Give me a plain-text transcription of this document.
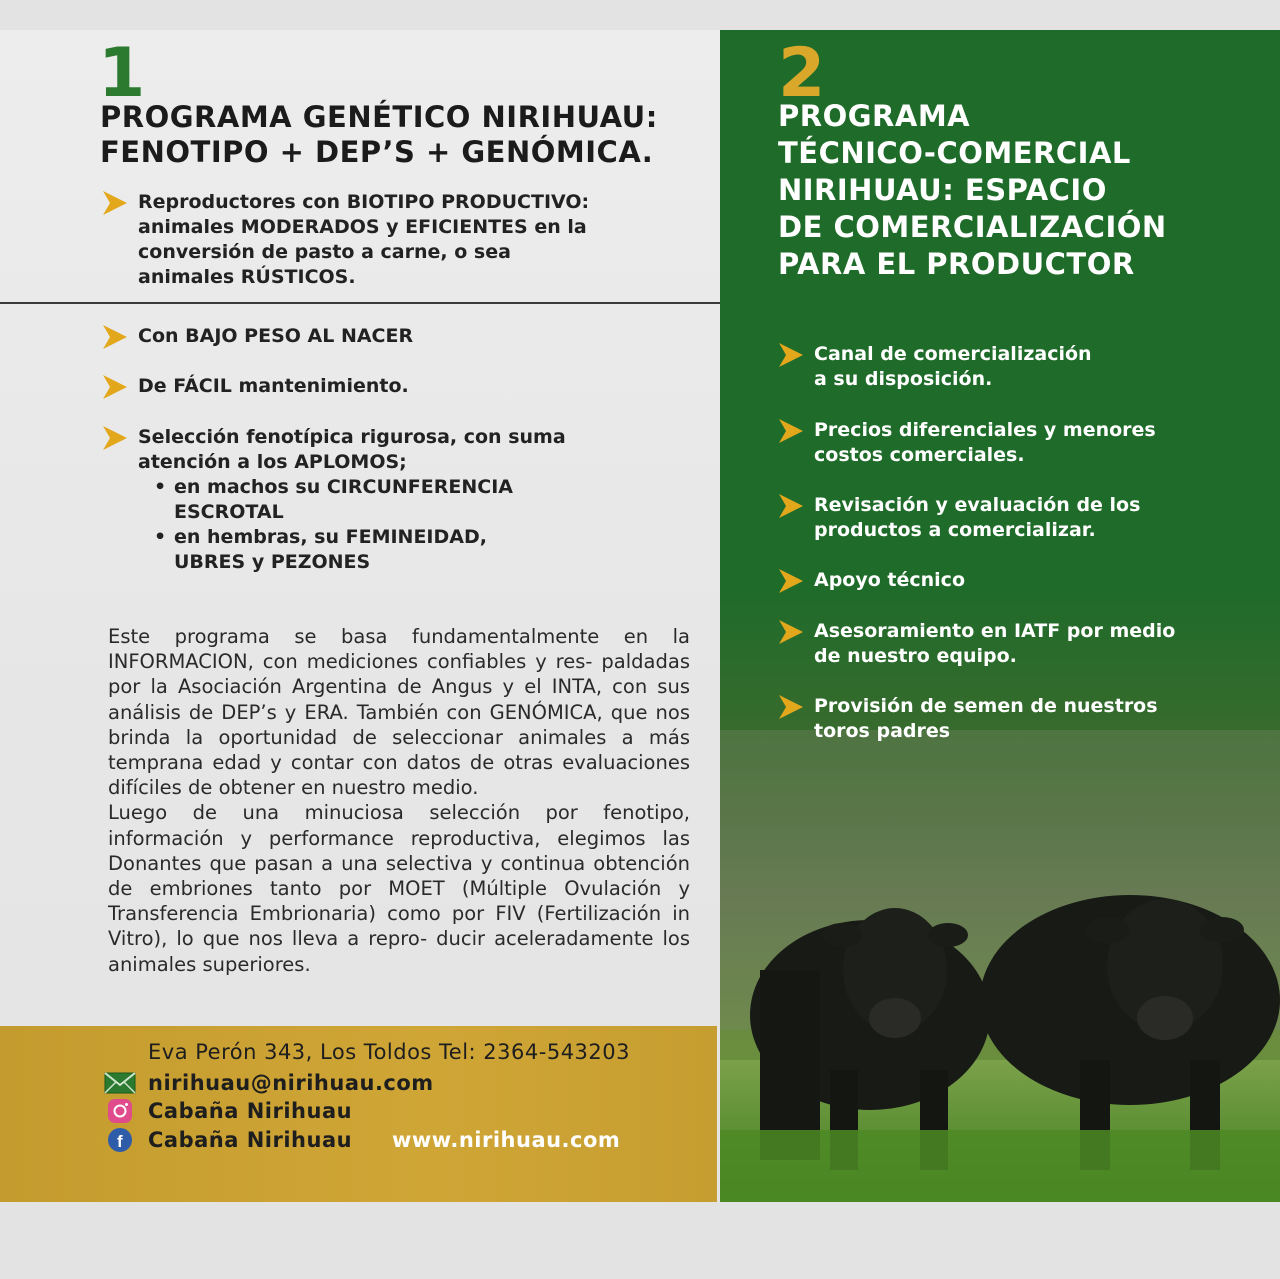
1
PROGRAMA GENÉTICO NIRIHUAU:
FENOTIPO + DEP’S + GENÓMICA.
Reproductores con BIOTIPO PRODUCTIVO:
animales MODERADOS y EFICIENTES en la
conversión de pasto a carne, o sea
animales RÚSTICOS.
Con BAJO PESO AL NACER
De FÁCIL mantenimiento.
Selección fenotípica rigurosa, con suma
atención a los APLOMOS;
• en machos su CIRCUNFERENCIA
ESCROTAL
• en hembras, su FEMINEIDAD,
UBRES y PEZONES

Este programa se basa fundamentalmente en la INFORMACION, con mediciones confiables y res- paldadas por la Asociación Argentina de Angus y el INTA, con sus análisis de DEP’s y ERA. También con GENÓMICA, que nos brinda la oportunidad de seleccionar animales a más temprana edad y contar con datos de otras evaluaciones difíciles de obtener en nuestro medio.

Luego de una minuciosa selección por fenotipo, información y performance reproductiva, elegimos las Donantes que pasan a una selectiva y continua obtención de embriones tanto por MOET (Múltiple Ovulación y Transferencia Embrionaria) como por FIV (Fertilización in Vitro), lo que nos lleva a repro- ducir aceleradamente los animales superiores.

Eva Perón 343, Los Toldos Tel: 2364-543203
nirihuau@nirihuau.com
Cabaña Nirihuau
f Cabaña Nirihuau www.nirihuau.com
2
PROGRAMA
TÉCNICO-COMERCIAL
NIRIHUAU: ESPACIO
DE COMERCIALIZACIÓN
PARA EL PRODUCTOR
Canal de comercialización
a su disposición.
Precios diferenciales y menores
costos comerciales.
Revisación y evaluación de los
productos a comercializar.
Apoyo técnico
Asesoramiento en IATF por medio
de nuestro equipo.
Provisión de semen de nuestros
toros padres
